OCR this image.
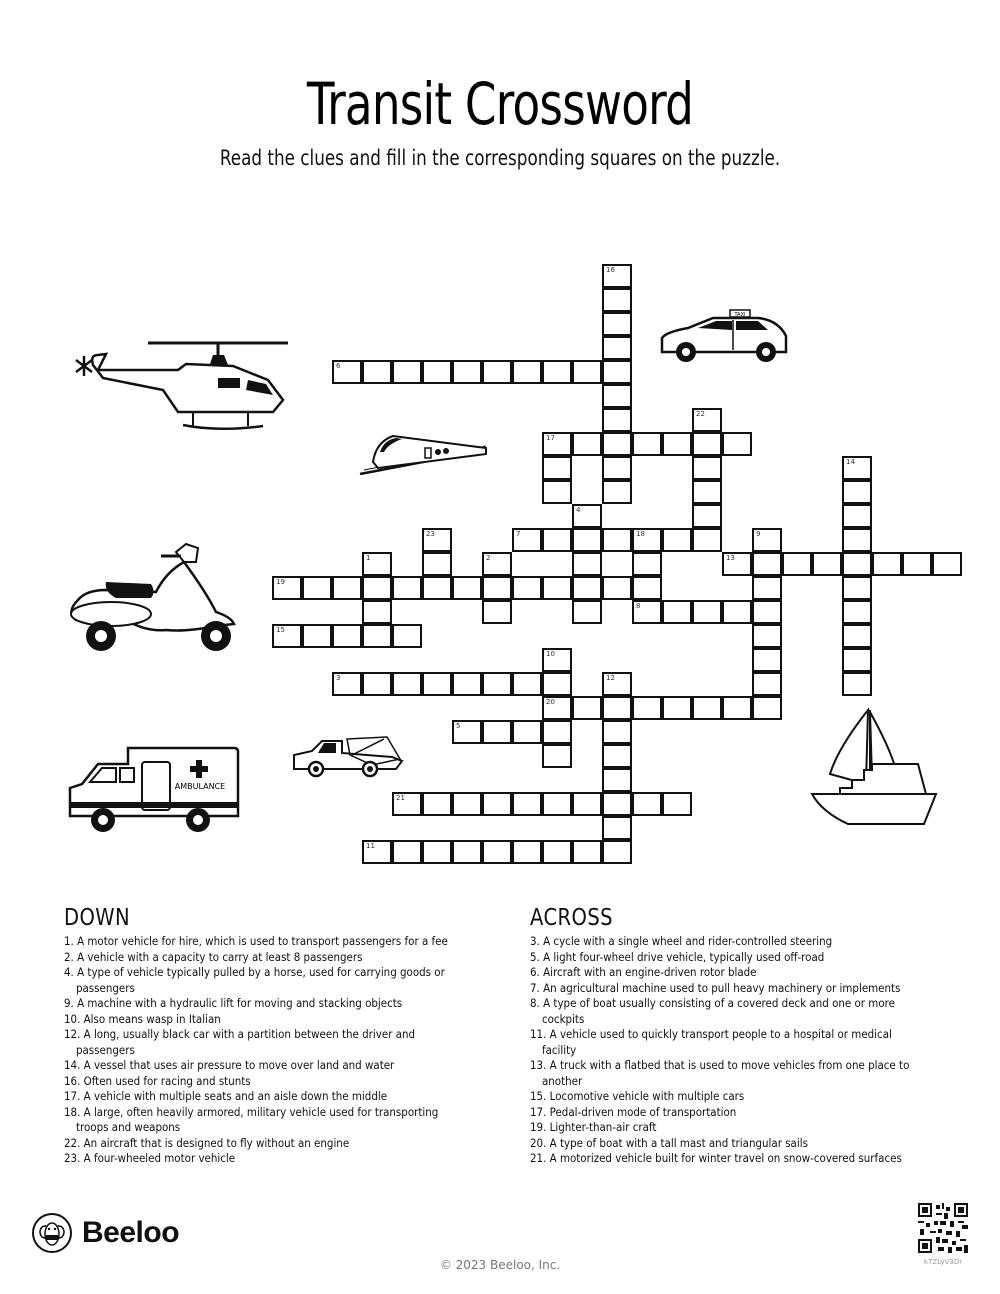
Transit Crossword
Read the clues and fill in the corresponding squares on the puzzle.
1	2
3
4
5
6
7	18
8
9
10
20
11
12
13
14
15
16
17
19
21
22
23
TAXI
AMBULANCE
DOWN
1. A motor vehicle for hire, which is used to transport passengers for a fee
2. A vehicle with a capacity to carry at least 8 passengers
4. A type of vehicle typically pulled by a horse, used for carrying goods or passengers
9. A machine with a hydraulic lift for moving and stacking objects
10. Also means wasp in Italian
12. A long, usually black car with a partition between the driver and passengers
14. A vessel that uses air pressure to move over land and water
16. Often used for racing and stunts
17. A vehicle with multiple seats and an aisle down the middle
18. A large, often heavily armored, military vehicle used for transporting troops and weapons
22. An aircraft that is designed to fly without an engine
23. A four-wheeled motor vehicle
ACROSS
3. A cycle with a single wheel and rider-controlled steering
5. A light four-wheel drive vehicle, typically used off-road
6. Aircraft with an engine-driven rotor blade
7. An agricultural machine used to pull heavy machinery or implements
8. A type of boat usually consisting of a covered deck and one or more cockpits
11. A vehicle used to quickly transport people to a hospital or medical facility
13. A truck with a flatbed that is used to move vehicles from one place to another
15. Locomotive vehicle with multiple cars
17. Pedal-driven mode of transportation
19. Lighter-than-air craft
20. A type of boat with a tall mast and triangular sails
21. A motorized vehicle built for winter travel on snow-covered surfaces
Beeloo
© 2023 Beeloo, Inc.	k7ZLyV3Dr
